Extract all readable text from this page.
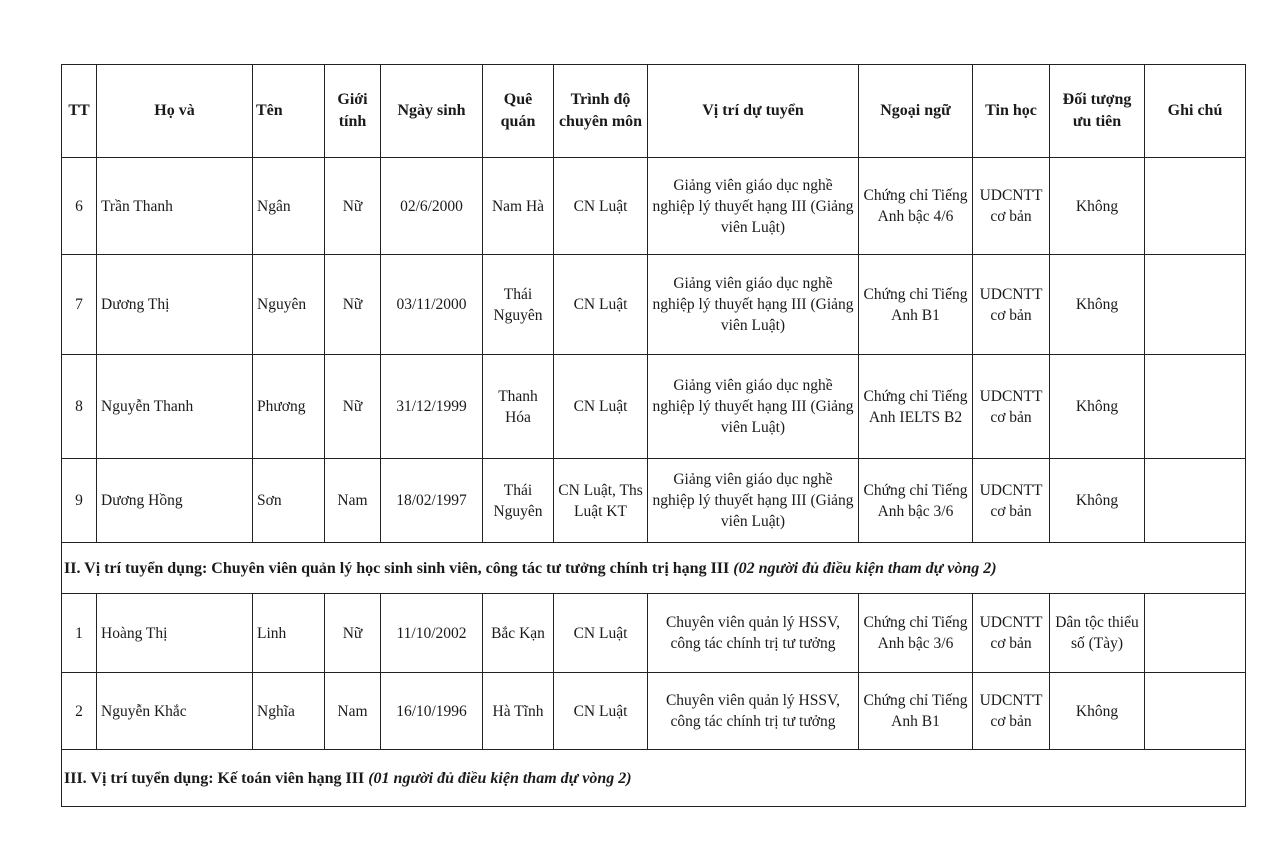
TT	Họ và	Tên	Giới tính	Ngày sinh	Quê quán	Trình độ chuyên môn	Vị trí dự tuyển	Ngoại ngữ	Tin học	Đối tượng ưu tiên	Ghi chú
6	Trần Thanh	Ngân	Nữ	02/6/2000	Nam Hà	CN Luật	Giảng viên giáo dục nghề nghiệp lý thuyết hạng III (Giảng viên Luật)	Chứng chỉ Tiếng Anh bậc 4/6	UDCNTT cơ bản	Không	
7	Dương Thị	Nguyên	Nữ	03/11/2000	Thái Nguyên	CN Luật	Giảng viên giáo dục nghề nghiệp lý thuyết hạng III (Giảng viên Luật)	Chứng chỉ Tiếng Anh B1	UDCNTT cơ bản	Không	
8	Nguyễn Thanh	Phương	Nữ	31/12/1999	Thanh Hóa	CN Luật	Giảng viên giáo dục nghề nghiệp lý thuyết hạng III (Giảng viên Luật)	Chứng chỉ Tiếng Anh IELTS B2	UDCNTT cơ bản	Không	
9	Dương Hồng	Sơn	Nam	18/02/1997	Thái Nguyên	CN Luật, Ths Luật KT	Giảng viên giáo dục nghề nghiệp lý thuyết hạng III (Giảng viên Luật)	Chứng chỉ Tiếng Anh bậc 3/6	UDCNTT cơ bản	Không	
II. Vị trí tuyển dụng: Chuyên viên quản lý học sinh sinh viên, công tác tư tưởng chính trị hạng III (02 người đủ điều kiện tham dự vòng 2)											
1	Hoàng Thị	Linh	Nữ	11/10/2002	Bắc Kạn	CN Luật	Chuyên viên quản lý HSSV, công tác chính trị tư tưởng	Chứng chỉ Tiếng Anh bậc 3/6	UDCNTT cơ bản	Dân tộc thiểu số (Tày)	
2	Nguyễn Khắc	Nghĩa	Nam	16/10/1996	Hà Tĩnh	CN Luật	Chuyên viên quản lý HSSV, công tác chính trị tư tưởng	Chứng chỉ Tiếng Anh B1	UDCNTT cơ bản	Không	
III. Vị trí tuyển dụng: Kế toán viên hạng III (01 người đủ điều kiện tham dự vòng 2)											
